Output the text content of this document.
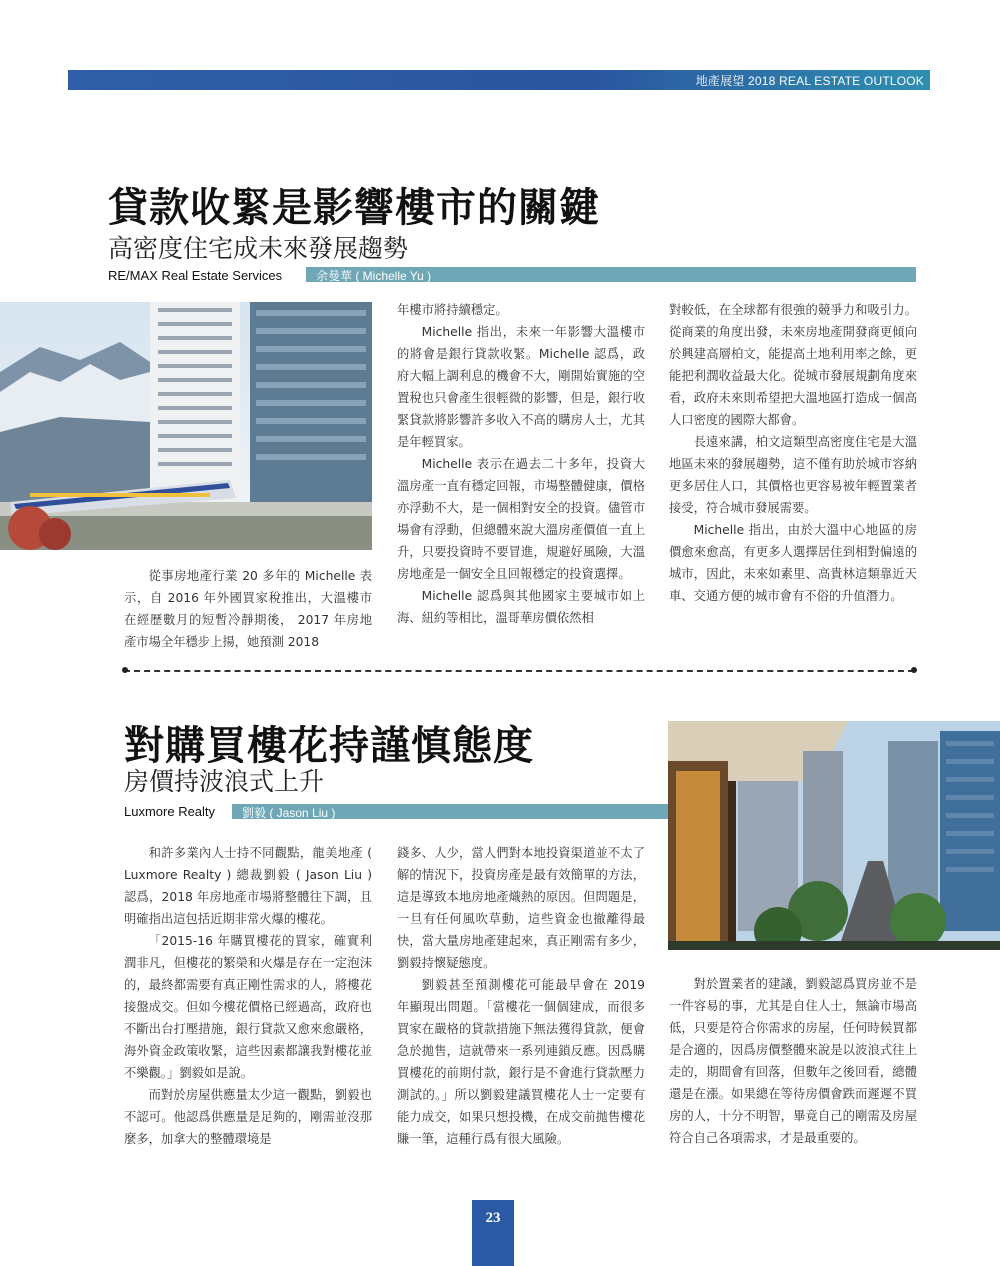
地產展望 2018 REAL ESTATE OUTLOOK
貸款收緊是影響樓市的關鍵
高密度住宅成未來發展趨勢
RE/MAX Real Estate Services	余曼華 ( Michelle Yu )

從事房地產行業 20 多年的 Michelle 表示，自 2016 年外國買家稅推出，大溫樓市在經歷數月的短暫冷靜期後， 2017 年房地產市場全年穩步上揚，她預測 2018

年樓市將持續穩定。

Michelle 指出，未來一年影響大溫樓市的將會是銀行貸款收緊。Michelle 認爲，政府大幅上調利息的機會不大，剛開始實施的空置稅也只會產生很輕微的影響，但是，銀行收緊貸款將影響許多收入不高的購房人士，尤其是年輕買家。

Michelle 表示在過去二十多年，投資大溫房產一直有穩定回報，市場整體健康，價格亦浮動不大，是一個相對安全的投資。儘管市場會有浮動，但總體來說大溫房產價值一直上升，只要投資時不要冒進，規避好風險，大溫房地產是一個安全且回報穩定的投資選擇。

Michelle 認爲與其他國家主要城市如上海、紐約等相比，溫哥華房價依然相

對較低，在全球都有很強的競爭力和吸引力。從商業的角度出發，未來房地產開發商更傾向於興建高層柏文，能提高土地利用率之餘，更能把利潤收益最大化。從城市發展規劃角度來看，政府未來則希望把大溫地區打造成一個高人口密度的國際大都會。

長遠來講，柏文這類型高密度住宅是大溫地區未來的發展趨勢，這不僅有助於城市容納更多居住人口，其價格也更容易被年輕置業者接受，符合城市發展需要。

Michelle 指出，由於大溫中心地區的房價愈來愈高，有更多人選擇居住到相對偏遠的城市，因此，未來如素里、高貴林這類靠近天車、交通方便的城市會有不俗的升值潛力。

對購買樓花持謹慎態度
房價持波浪式上升
Luxmore Realty 劉毅 ( Jason Liu )

和許多業內人士持不同觀點，龍美地產 ( Luxmore Realty ) 總裁劉毅 ( Jason Liu ) 認爲，2018 年房地產市場將整體往下調，且明確指出這包括近期非常火爆的樓花。

「2015-16 年購買樓花的買家，確實利潤非凡，但樓花的繁榮和火爆是存在一定泡沫的，最終都需要有真正剛性需求的人，將樓花接盤成交。但如今樓花價格已經過高，政府也不斷出台打壓措施，銀行貸款又愈來愈嚴格，海外資金政策收緊，這些因素都讓我對樓花並不樂觀。」劉毅如是說。

而對於房屋供應量太少這一觀點，劉毅也不認可。他認爲供應量是足夠的，剛需並沒那麼多，加拿大的整體環境是

錢多、人少，當人們對本地投資渠道並不太了解的情況下，投資房產是最有效簡單的方法，這是導致本地房地產熾熱的原因。但問題是，一旦有任何風吹草動，這些資金也撤離得最快，當大量房地產建起來，真正剛需有多少，劉毅持懷疑態度。

劉毅甚至預測樓花可能最早會在 2019 年顯現出問題。「當樓花一個個建成，而很多買家在嚴格的貸款措施下無法獲得貸款，便會急於拋售，這就帶來一系列連鎖反應。因爲購買樓花的前期付款，銀行是不會進行貸款壓力測試的。」所以劉毅建議買樓花人士一定要有能力成交，如果只想投機，在成交前拋售樓花賺一筆，這種行爲有很大風險。

對於置業者的建議，劉毅認爲買房並不是一件容易的事，尤其是自住人士，無論市場高低，只要是符合你需求的房屋，任何時候買都是合適的，因爲房價整體來說是以波浪式往上走的，期間會有回落，但數年之後回看，總體還是在漲。如果總在等待房價會跌而遲遲不買房的人，十分不明智，畢竟自己的剛需及房屋符合自己各項需求，才是最重要的。

23
